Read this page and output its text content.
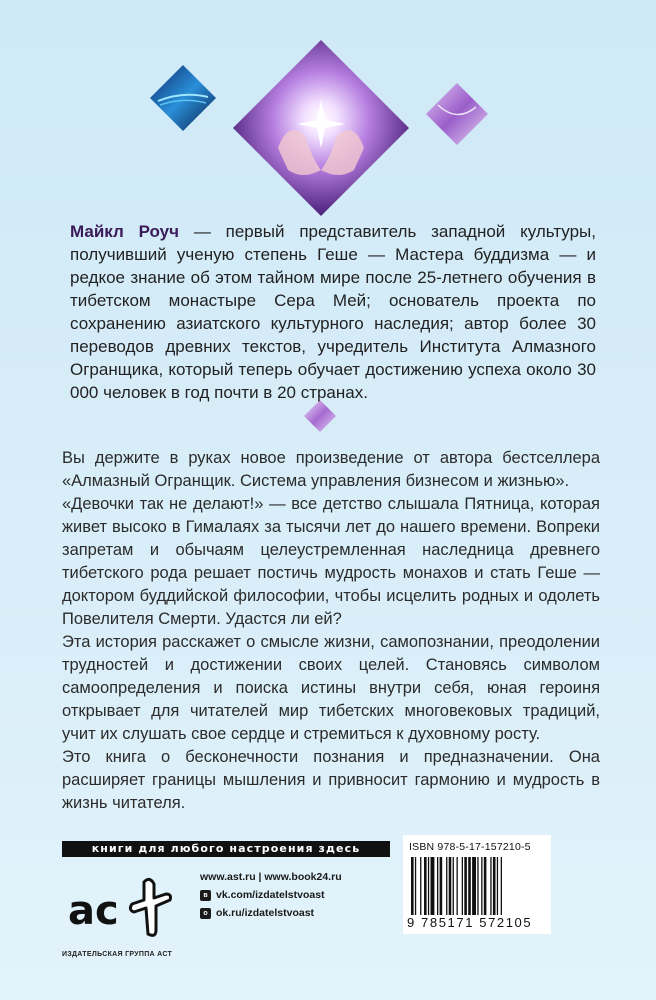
Майкл Роуч — первый представитель западной культуры, получивший ученую степень Геше — Мастера буддизма — и редкое знание об этом тайном мире после 25-летнего обучения в тибетском монастыре Сера Мей; основатель проекта по сохранению азиатского культурного наследия; автор более 30 переводов древних текстов, учредитель Института Алмазного Огранщика, который теперь обучает достижению успеха около 30 000 человек в год почти в 20 странах.

Вы держите в руках новое произведение от автора бестселлера «Алмазный Огранщик. Система управления бизнесом и жизнью».

«Девочки так не делают!» — все детство слышала Пятница, которая живет высоко в Гималаях за тысячи лет до нашего времени. Вопреки запретам и обычаям целеустремленная наследница древнего тибетского рода решает постичь мудрость монахов и стать Геше — доктором буддийской философии, чтобы исцелить родных и одолеть Повелителя Смерти. Удастся ли ей?

Эта история расскажет о смысле жизни, самопознании, преодолении трудностей и достижении своих целей. Становясь символом самоопределения и поиска истины внутри себя, юная героиня открывает для читателей мир тибетских многовековых традиций, учит их слушать свое сердце и стремиться к духовному росту.

Это книга о бесконечности познания и предназначении. Она расширяет границы мышления и привносит гармонию и мудрость в жизнь читателя.

книги для любого настроения здесь
ac
ИЗДАТЕЛЬСКАЯ ГРУППА АСТ
www.ast.ru | www.book24.ru
в vk.com/izdatelstvoast
о ok.ru/izdatelstvoast
ISBN 978-5-17-157210-5
9 785171 572105
